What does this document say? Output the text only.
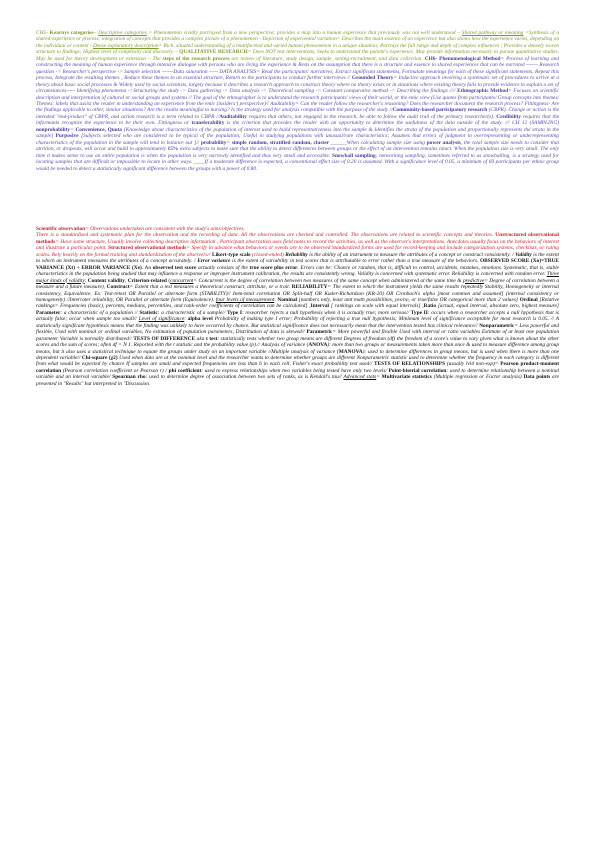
CH5- Kearnys categories– Descriptive categories = Phenomenon vividly portrayed from a new perspective; provides a map into a human experience that previously was not well understood – Shared pathway or meaning =Synthesis of a shared experience or process; integration of concepts that provides a complex picture of a phenomenon - Depiction of experiential variation= Describes the main essence of an experience but also shows how the experience varies, depending on the individual or context - Dense explanatory description= Rich, situated understanding of a multifaceted and varied human phenomenon in a unique situation; Portrays the full range and depth of complex influences ; Provides a densely woven structure to findings; Highest level of complexity and discovery – QUALITATIVE RESEARCH= Does NOT test interventions, Seeks to understand the patient's experience, May provide information necessary to pursue quantitative studies, May be used for theory development or extension – The steps of the research process are review of literature, study design, sample, setting-recruitment, and data collection. CH6- Phenomenological Method= Process of learning and constructing the meaning of human experience through intensive dialogue with persons who are living the experience & Rests on the assumption that there is a structure and essence to shared experiences that can be narrated ~~~~ Research question -> Researcher's perspective -> Sample selection ~~~~Data saturation ~~~ DATA ANALYSIS= Read the participants' narratives, Extract significant statements, Formulate meanings for each of these significant statements, Repeat this process, Integrate the resulting themes , Reduce these themes to an essential structure, Return to the participants to conduct further interviews // Grounded Theory= Inductive approach involving a systematic set of procedures to arrive at a theory about basic social processes & Widely used by social scientists, largely because it describes a research approach to construct theory where no theory exists or in situations where existing theory fails to provide evidence to explain a set of circumstances~~~ Identifying phenomena ->Structuring the study -> Data gathering -> Data analysis -> Theoretical sampling -> Constant comparative method -> Describing the findings //// Ethnographic Method= Focuses on scientific description and interpretation of cultural or social groups and systems // The goal of the ethnographer is to understand the research participants' views of their world, or the emic view (Use quotes from participants/ Group concepts into themes/ Themes: labels that assist the reader in understanding an experience from the emic (insiders') perspective)// Auditability= Can the reader follow the researcher's reasoning? Does the researcher document the research process? Fittingness- Are the findings applicable to other, similar situations? Are the results meaningful to nursing? Is the strategy used for analysis compatible with the purpose of the study //Community-based participatory research (CBPR). Change or action is the intended "end-product" of CBPR, and action research is a term related to CBPR //Auditability requires that others, not engaged in the research, be able to follow the audit trail of the primary researcher(s). Credibility requires that the informants recognize the experience to be their own. Fittingness or transferability is the criterion that provides the reader with an opportunity to determine the usefulness of the data outside of the study. /// CH 12 (SAMPLING) nonprobability= Convenience, Quota [Knowledge about characteristics of the population of interest used to build representativeness into the sample & Identifies the strata of the population and proportionally represents the strata in the sample] Purposive [Subjects selected who are considered to be typical of the population; Useful in studying populations with unusual/rare characteristics; Assumes that errors of judgment in overrepresenting or underrepresenting characteristics of the population in the sample will tend to balance out ]// probability= simple random, stratified random, cluster ______When calculating sample size using power analysis, the total sample size needs to consider that attrition, or dropouts, will occur and build in approximately 15% extra subjects to make sure that the ability to detect differences between groups or the effect of an intervention remains intact. When the population size is very small. The only time it makes sense to use an entire population is when the population is very narrowly identified and thus very small and accessible. Snowball sampling; networking sampling, sometimes referred to as snowballing, is a strategy used for locating samples that are difficult or impossible to locate in other ways. ____If a moderate difference is expected, a conventional effect size of 0.20 is assumed. With a significance level of 0.05, a minimum of 69 participants per ethnic group would be needed to detect a statistically significant difference between the groups with a power of 0.80.

Scientific observation= Observations undertaken are consistent with the study's aims/objectives.
There is a standardized and systematic plan for the observation and the recording of data. All the observations are checked and controlled. The observations are related to scientific concepts and theories. Unstructured observational methods= Have some structure, Usually involve collecting descriptive information , Participant observation uses field notes to record the activities, as well as the observer's interpretations. Anecdotes usually focus on the behaviors of interest and illustrate a particular point. Structured observational methods= Specify in advance what behaviors or events are to be observed Standardized forms are used for record-keeping and include categorization systems, checklists, or rating scales. Rely heavily on the formal training and standardization of the observers// Likert-type scale (closed-ended) Reliability is the ability of an instrument to measure the attributes of a concept or construct consistently. / Validity is the extent to which an instrument measures the attributes of a concept accurately. / Error variance is the extent of variability in test scores that is attributable to error rather than a true measure of the behaviors. OBSERVED SCORE (Xo)=TRUE VARIANCE (Xt) + ERROR VARIANCE (Xe). An observed test score actually consists of the true score plus error. Errors can be: Chance or random, that is, difficult to control, accidents, mistakes, emotions. Systematic, that is, stable characteristics in the population being studied that may influence a response or improper instrument calibration, the results are consistently wrong. Validity is concerned with systematic error. Reliability is concerned with random error. Three major kinds of validity: Content validity, Criterion-related (concurrent= Concurrent is the degree of correlation between two measures of the same concept when administered at the same time & predictive= Degree of correlation between a measure and a future measure), Construct= Extent that a test measures a theoretical construct, attribute, or a trait. RELIABILITY= The extent to which the instrument yields the same results repeatedly Stability, Homogeneity or internal consistency, Equivalence. Ex: Test-retest OR Parallel or alternate form (STABILITY)// Item-total correlation OR Split-half OR Kuder-Richardson (KR-20) OR Cronbach's alpha [most common and assumed] (internal consistency or homogeneity) //Interrater reliability, OR Parallel or alternate form (Equivalence). four levels of measurement: Nominal [numbers only, least amt math possibilities, yes/no, or true/false OR categorical more than 2 values] Ordinal [Relative rankings= Frequencies (basic), percents, medians, percentiles, and rank-order coefficients of correlation can be calculated] ,Interval [ rankings on scale with equal intervals] ,Ratio [actual, equal interval, absolute zero, highest measure] Parameter: a characteristic of a population // Statistic: a characteristic of a sample// Type I: researcher rejects a null hypothesis when it is actually true; more serious// Type II: occurs when a researcher accepts a null hypothesis that is actually false; occur when sample too small// Level of significance: alpha level Probability of making type I error; Probability of rejecting a true null hypothesis; Minimum level of significance acceptable for most research is 0.05. // A statistically significant hypothesis means that the finding was unlikely to have occurred by chance. But statistical significance does not necessarily mean that the intervention tested has clinical relevance// Nonparametric= Less powerful and flexible, Used with nominal or ordinal variables, No estimation of population parameters, Distribution of data is skewed// Parametric= More powerful and flexible Used with interval or ratio variables Estimate of at least one population parameter Variable is normally distributed// TESTS OF DIFFERENCE aka t test: statistically tests whether two group means are different Degrees of freedom (df) the freedom of a score's value to vary given what is known about the other scores and the sum of scores; often df = N 1. Reported with the t statistic and the probability value (p).// Analysis of variance (ANOVA): more than two groups or measurements taken more than once & used to measure difference among group means, but it also uses a statistical technique to equate the groups under study on an important variable //Multiple analysis of variance (MANOVA): used to determine differences in group means, but is used when there is more than one dependent variable// Chi-square (χ2) Used when data are at the nominal level and the researcher wants to determine whether groups are different Nonparametric statistic used to determine whether the frequency in each category is different from what would be expected by chance If samples are small and expected frequencies are less than 6 in each cell, Fisher's exact probability test used// TESTS OF RELATIONSHIPS (usually lvl4 non-exp)= Pearson product-moment correlation (Pearson correlation coefficient or Pearson r) / phi coefficient: used to express relationships when two variables being tested have only two levels/ Point-biserial correlation: used to determine relationship between a nominal variable and an interval variable/ Spearman rho: used to determine degree of association between two sets of ranks, as is Kendall's tau// Advanced stats= Multivariate statistics (Multiple regression or Factor analysis) Data points are presented in "Results" but interpreted in "Discussion.
